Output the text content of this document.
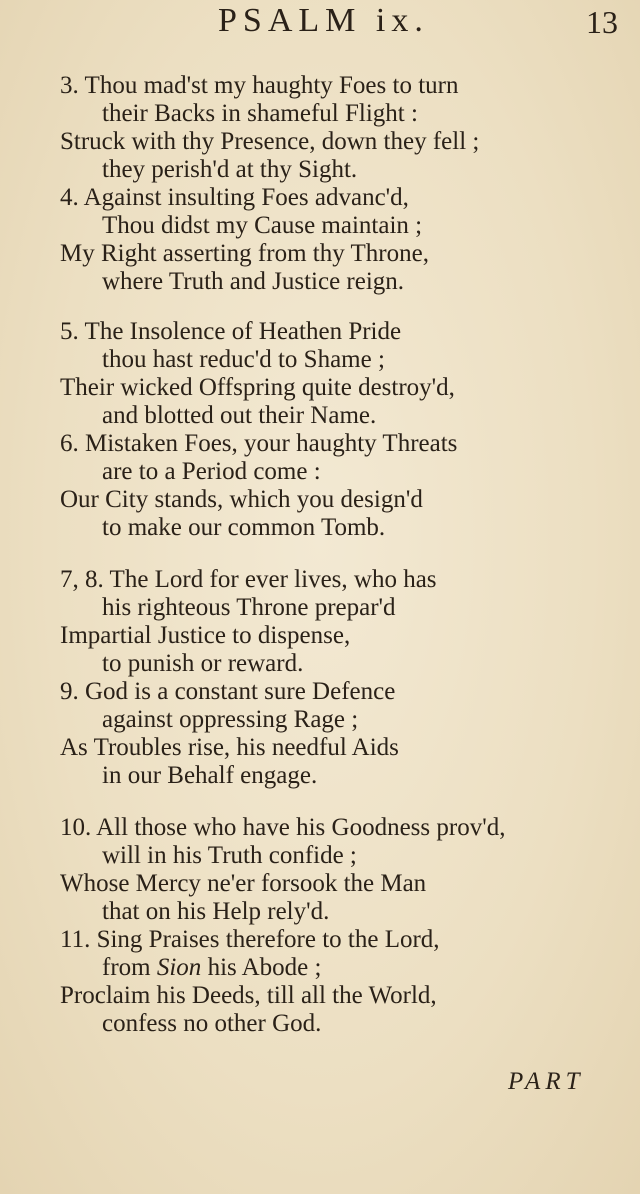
PSALM ix.	13
3. Thou mad'st my haughty Foes to turn
their Backs in shameful Flight :
Struck with thy Presence, down they fell ;
they perish'd at thy Sight.
4. Against insulting Foes advanc'd,
Thou didst my Cause maintain ;
My Right asserting from thy Throne,
where Truth and Justice reign.
5. The Insolence of Heathen Pride
thou hast reduc'd to Shame ;
Their wicked Offspring quite destroy'd,
and blotted out their Name.
6. Mistaken Foes, your haughty Threats
are to a Period come :
Our City stands, which you design'd
to make our common Tomb.
7, 8. The Lord for ever lives, who has
his righteous Throne prepar'd
Impartial Justice to dispense,
to punish or reward.
9. God is a constant sure Defence
against oppressing Rage ;
As Troubles rise, his needful Aids
in our Behalf engage.
10. All those who have his Goodness prov'd,
will in his Truth confide ;
Whose Mercy ne'er forsook the Man
that on his Help rely'd.
11. Sing Praises therefore to the Lord,
from Sion his Abode ;
Proclaim his Deeds, till all the World,
confess no other God.
PART
